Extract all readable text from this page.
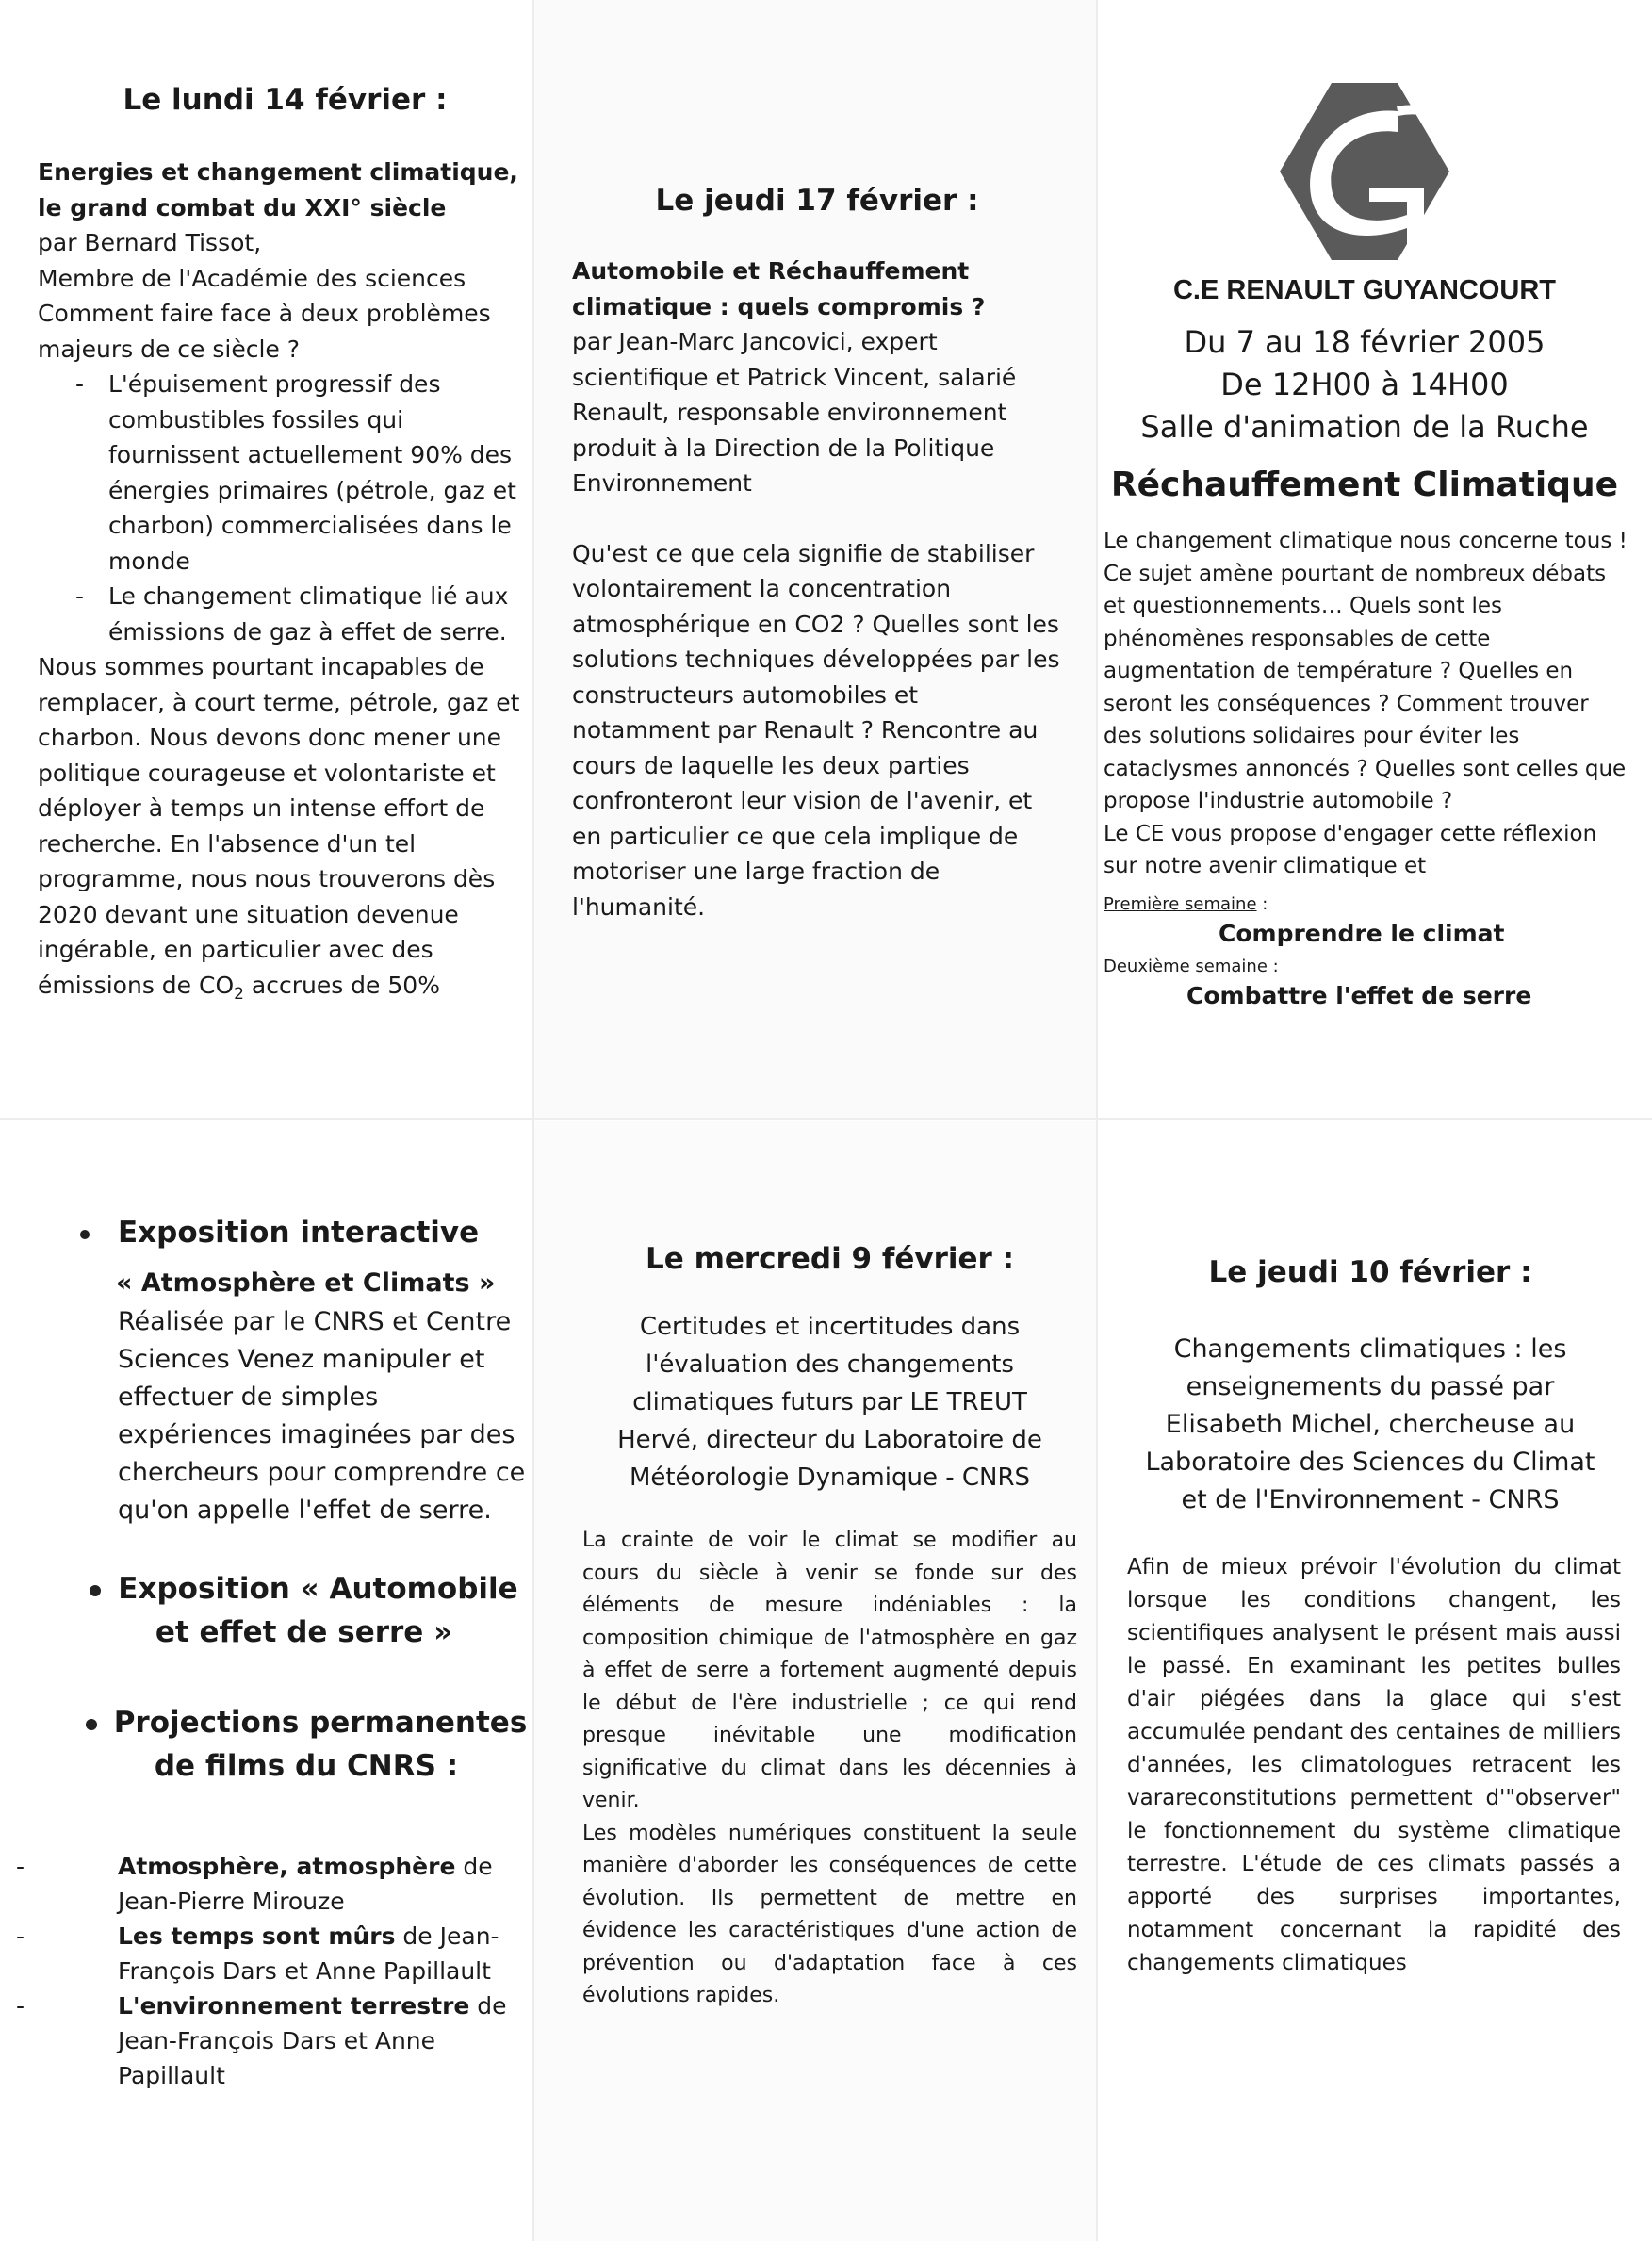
Le lundi 14 février :

Energies et changement climatique, le grand combat du XXI° siècle

par Bernard Tissot,

Membre de l'Académie des sciences

Comment faire face à deux problèmes majeurs de ce siècle ?

- L'épuisement progressif des combustibles fossiles qui fournissent actuellement 90% des énergies primaires (pétrole, gaz et charbon) commercialisées dans le monde
- Le changement climatique lié aux émissions de gaz à effet de serre.

Nous sommes pourtant incapables de remplacer, à court terme, pétrole, gaz et charbon. Nous devons donc mener une politique courageuse et volontariste et déployer à temps un intense effort de recherche. En l'absence d'un tel programme, nous nous trouverons dès 2020 devant une situation devenue ingérable, en particulier avec des émissions de $CO_2$ accrues de 50%

Le jeudi 17 février :

Automobile et Réchauffement climatique : quels compromis ?

par Jean-Marc Jancovici, expert scientifique et Patrick Vincent, salarié Renault, responsable environnement produit à la Direction de la Politique Environnement

Qu'est ce que cela signifie de stabiliser volontairement la concentration atmosphérique en CO2 ? Quelles sont les solutions techniques développées par les constructeurs automobiles et notamment par Renault ? Rencontre au cours de laquelle les deux parties confronteront leur vision de l'avenir, et en particulier ce que cela implique de motoriser une large fraction de l'humanité.

C.E RENAULT GUYANCOURT

Du 7 au 18 février 2005

De 12H00 à 14H00

Salle d'animation de la Ruche

Réchauffement Climatique

Le changement climatique nous concerne tous ! Ce sujet amène pourtant de nombreux débats et questionnements… Quels sont les phénomènes responsables de cette augmentation de température ? Quelles en seront les conséquences ? Comment trouver des solutions solidaires pour éviter les cataclysmes annoncés ? Quelles sont celles que propose l'industrie automobile ?

Le CE vous propose d'engager cette réflexion sur notre avenir climatique et

Première semaine :

Comprendre le climat

Deuxième semaine :

Combattre l'effet de serre

Exposition interactive

« Atmosphère et Climats »

Réalisée par le CNRS et Centre Sciences Venez manipuler et effectuer de simples expériences imaginées par des chercheurs pour comprendre ce qu'on appelle l'effet de serre.

Exposition « Automobile et effet de serre »

Projections permanentes de films du CNRS :

- Atmosphère, atmosphère de Jean-Pierre Mirouze
- Les temps sont mûrs de Jean-François Dars et Anne Papillault
- L'environnement terrestre de Jean-François Dars et Anne Papillault

Le mercredi 9 février :

Certitudes et incertitudes dans l'évaluation des changements climatiques futurs par LE TREUT Hervé, directeur du Laboratoire de Météorologie Dynamique - CNRS

La crainte de voir le climat se modifier au cours du siècle à venir se fonde sur des éléments de mesure indéniables : la composition chimique de l'atmosphère en gaz à effet de serre a fortement augmenté depuis le début de l'ère industrielle ; ce qui rend presque inévitable une modification significative du climat dans les décennies à venir.

Les modèles numériques constituent la seule manière d'aborder les conséquences de cette évolution. Ils permettent de mettre en évidence les caractéristiques d'une action de prévention ou d'adaptation face à ces évolutions rapides.

Le jeudi 10 février :

Changements climatiques : les enseignements du passé par Elisabeth Michel, chercheuse au Laboratoire des Sciences du Climat et de l'Environnement - CNRS

Afin de mieux prévoir l'évolution du climat lorsque les conditions changent, les scientifiques analysent le présent mais aussi le passé. En examinant les petites bulles d'air piégées dans la glace qui s'est accumulée pendant des centaines de milliers d'années, les climatologues retracent les varareconstitutions permettent d'"observer" le fonctionnement du système climatique terrestre. L'étude de ces climats passés a apporté des surprises importantes, notamment concernant la rapidité des changements climatiques
